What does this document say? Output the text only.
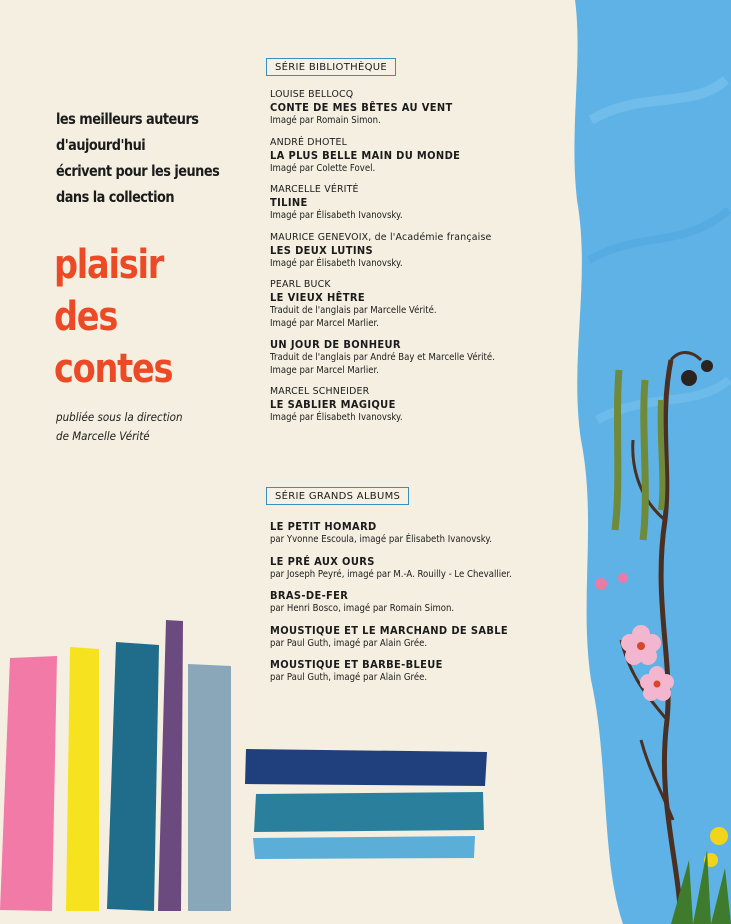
les meilleurs auteurs
d'aujourd'hui
écrivent pour les jeunes
dans la collection
plaisir
des
contes
publiée sous la direction
de Marcelle Vérité
SÉRIE BIBLIOTHÈQUE
LOUISE BELLOCQ
CONTE DE MES BÊTES AU VENT
Imagé par Romain Simon.
ANDRÉ DHOTEL
LA PLUS BELLE MAIN DU MONDE
Imagé par Colette Fovel.
MARCELLE VÉRITÉ
TILINE
Imagé par Élisabeth Ivanovsky.
MAURICE GENEVOIX, de l'Académie française
LES DEUX LUTINS
Imagé par Élisabeth Ivanovsky.
PEARL BUCK
LE VIEUX HÊTRE
Traduit de l'anglais par Marcelle Vérité.
Imagé par Marcel Marlier.
UN JOUR DE BONHEUR
Traduit de l'anglais par André Bay et Marcelle Vérité.
Image par Marcel Marlier.
MARCEL SCHNEIDER
LE SABLIER MAGIQUE
Imagé par Élisabeth Ivanovsky.
SÉRIE GRANDS ALBUMS
LE PETIT HOMARD
par Yvonne Escoula, imagé par Élisabeth Ivanovsky.
LE PRÉ AUX OURS
par Joseph Peyré, imagé par M.-A. Rouilly - Le Chevallier.
BRAS-DE-FER
par Henri Bosco, imagé par Romain Simon.
MOUSTIQUE ET LE MARCHAND DE SABLE
par Paul Guth, imagé par Alain Grée.
MOUSTIQUE ET BARBE-BLEUE
par Paul Guth, imagé par Alain Grée.
